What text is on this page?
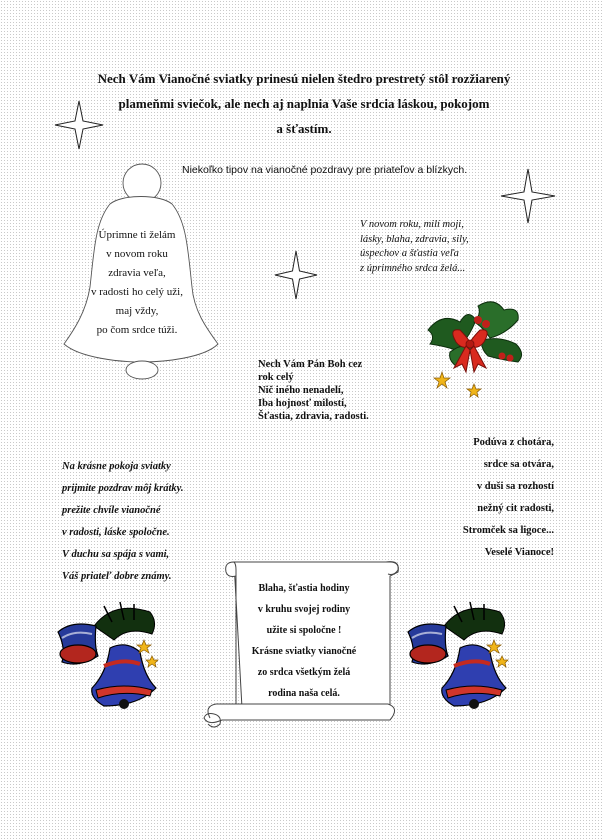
Nech Vám Vianočné sviatky prinesú nielen štedro prestretý stôl rozžiarený
plameňmi sviečok, ale nech aj naplnia Vaše srdcia láskou, pokojom
a šťastím.
Niekoľko tipov na vianočné pozdravy pre priateľov a blízkych.
Úprimne ti želám
v novom roku
zdravia veľa,
v radosti ho celý uži,
maj vždy,
po čom srdce túži.
V novom roku, milí moji,
lásky, blaha, zdravia, sily,
úspechov a šťastia veľa
z úprimného srdca želá...
Nech Vám Pán Boh cez
rok celý
Nič iného nenadelí,
Iba hojnosť milostí,
Šťastia, zdravia, radosti.
Na krásne pokoja sviatky
prijmite pozdrav môj krátky.
prežite chvíle vianočné
v radosti, láske spoločne.
V duchu sa spája s vami,
Váš priateľ dobre známy.
Podúva z chotára,
srdce sa otvára,
v duši sa rozhostí
nežný cit radosti,
Stromček sa ligoce...
Veselé Vianoce!
Blaha, šťastia hodiny
v kruhu svojej rodiny
užite si spoločne !
Krásne sviatky vianočné
zo srdca všetkým želá
rodina naša celá.
